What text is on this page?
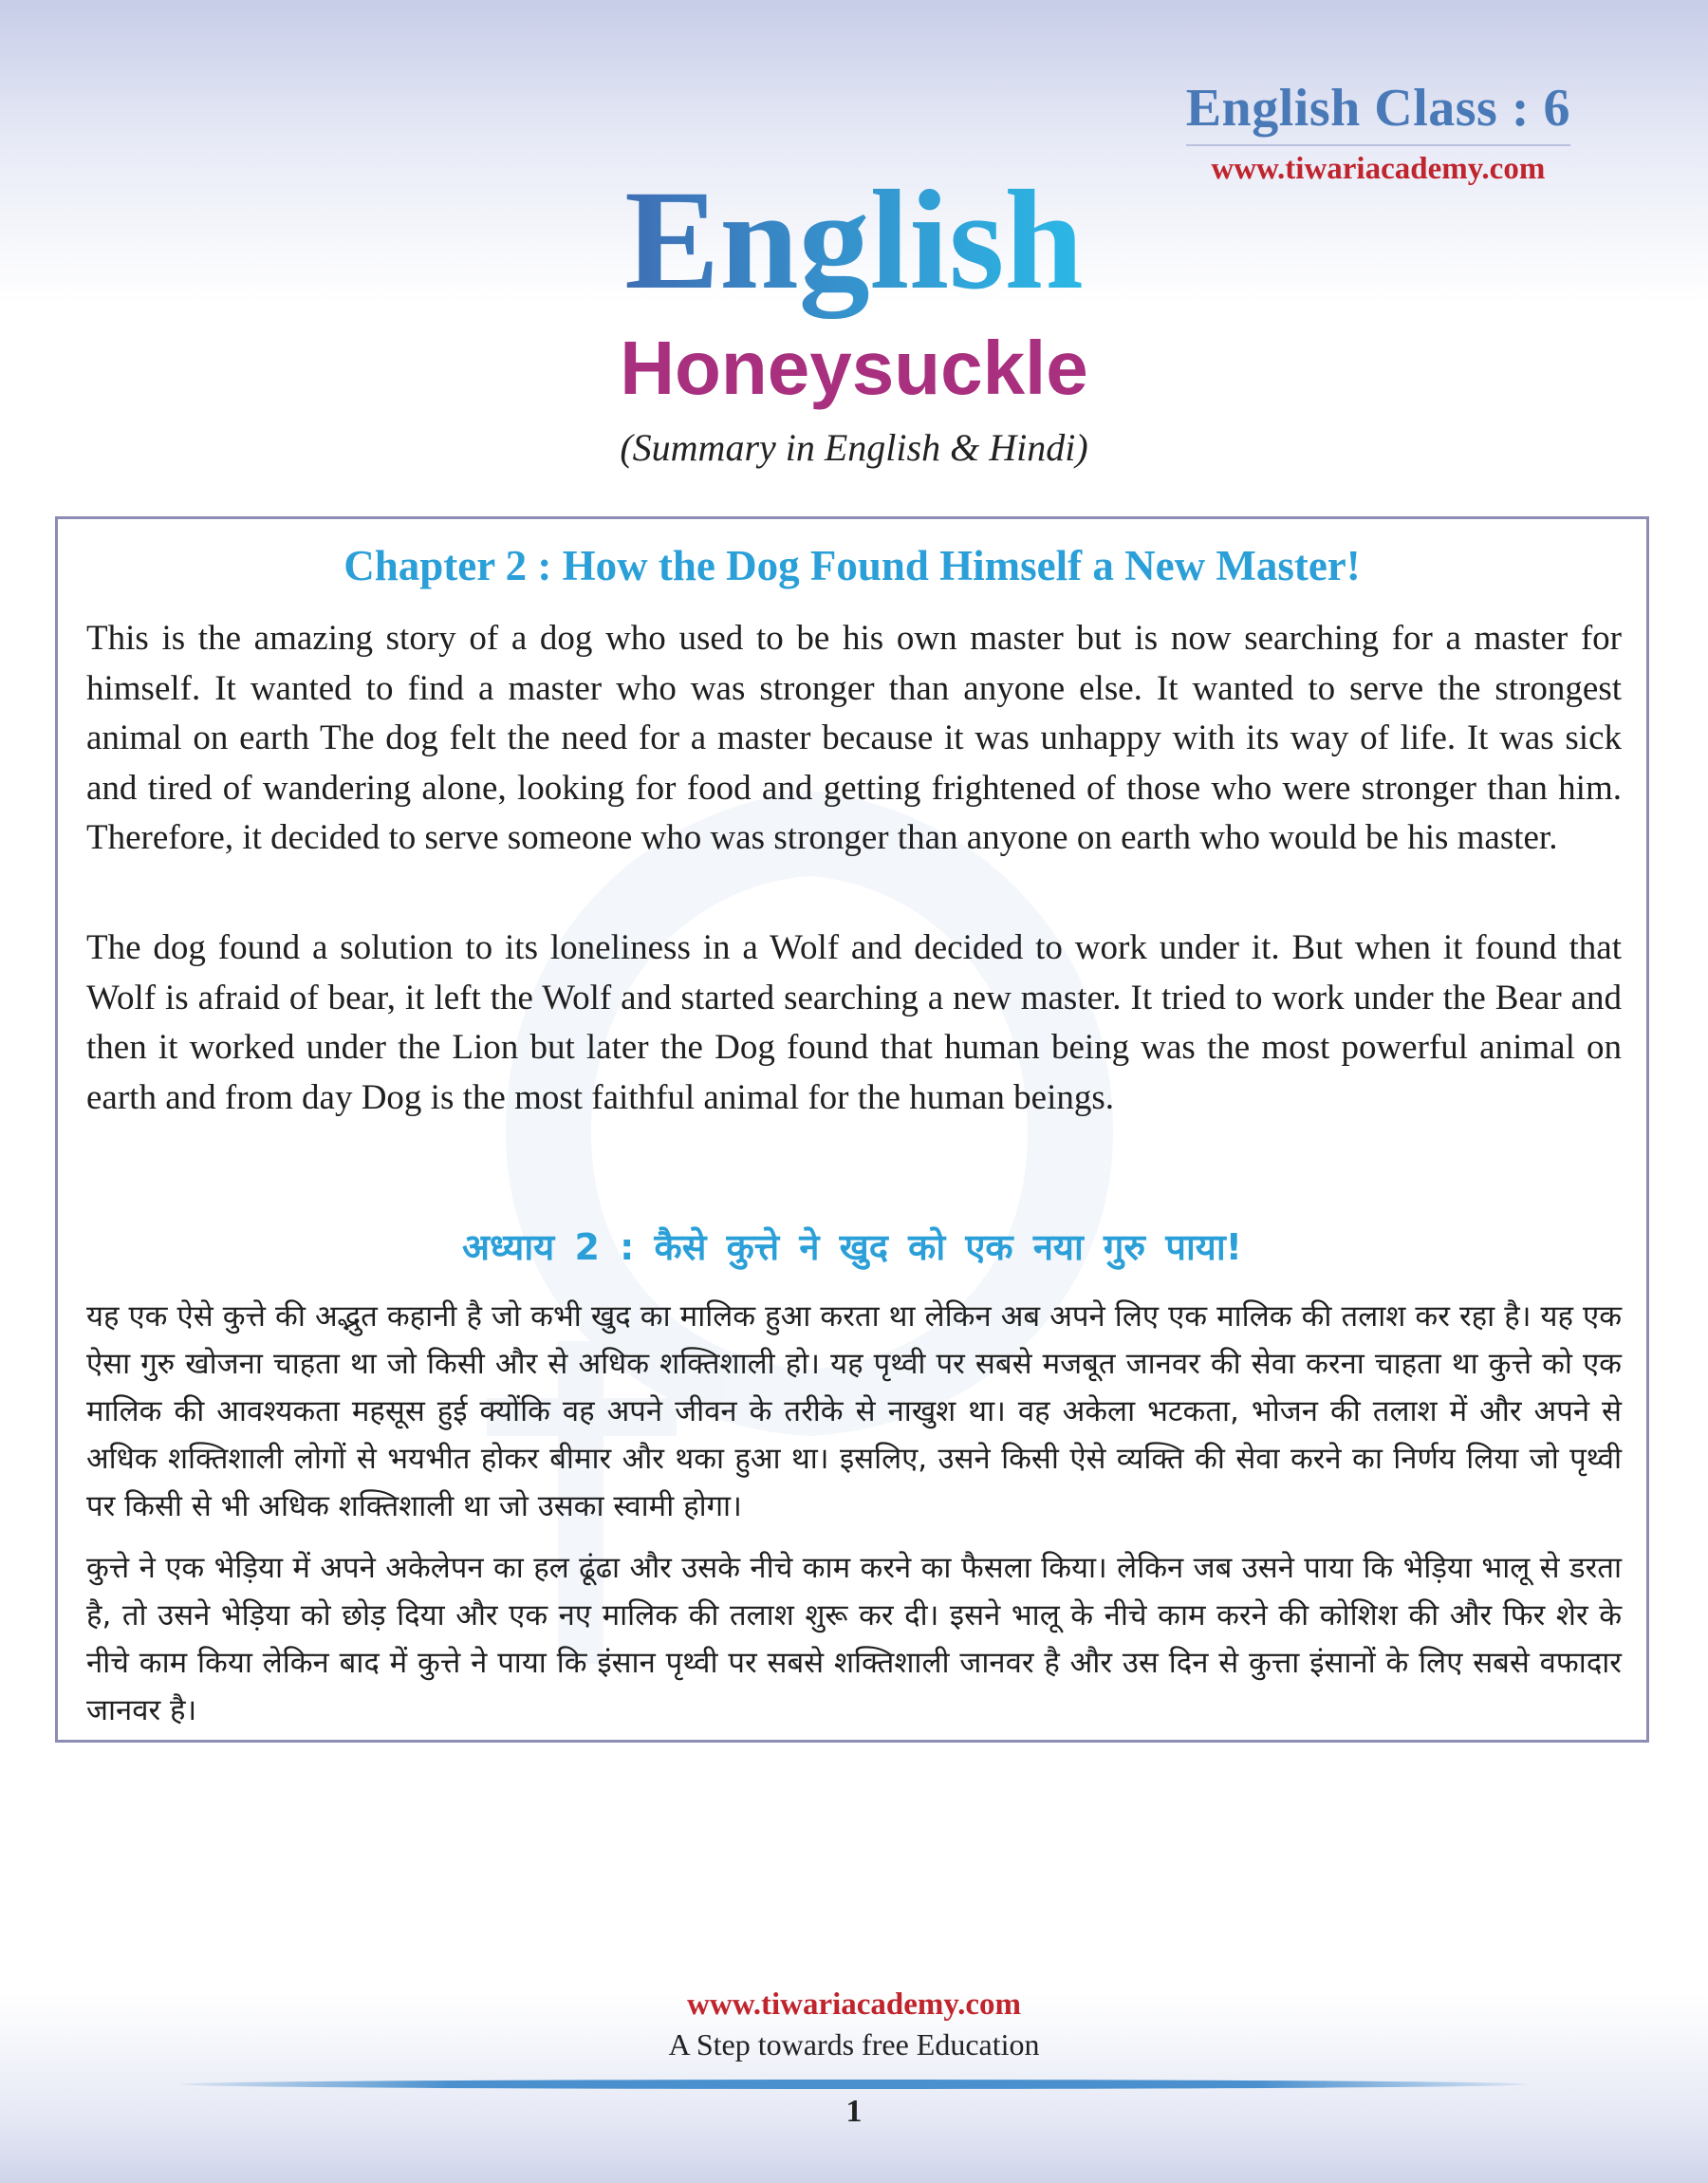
English Class : 6
www.tiwariacademy.com
English
Honeysuckle
(Summary in English & Hindi)
Chapter 2 : How the Dog Found Himself a New Master!

This is the amazing story of a dog who used to be his own master but is now searching for a master for himself. It wanted to find a master who was stronger than anyone else. It wanted to serve the strongest animal on earth The dog felt the need for a master because it was unhappy with its way of life. It was sick and tired of wandering alone, looking for food and getting frightened of those who were stronger than him. Therefore, it decided to serve someone who was stronger than anyone on earth who would be his master.

The dog found a solution to its loneliness in a Wolf and decided to work under it. But when it found that Wolf is afraid of bear, it left the Wolf and started searching a new master. It tried to work under the Bear and then it worked under the Lion but later the Dog found that human being was the most powerful animal on earth and from day Dog is the most faithful animal for the human beings.

अध्याय 2 : कैसे कुत्ते ने खुद को एक नया गुरु पाया!

यह एक ऐसे कुत्ते की अद्भुत कहानी है जो कभी खुद का मालिक हुआ करता था लेकिन अब अपने लिए एक मालिक की तलाश कर रहा है। यह एक ऐसा गुरु खोजना चाहता था जो किसी और से अधिक शक्तिशाली हो। यह पृथ्वी पर सबसे मजबूत जानवर की सेवा करना चाहता था कुत्ते को एक मालिक की आवश्यकता महसूस हुई क्योंकि वह अपने जीवन के तरीके से नाखुश था। वह अकेला भटकता, भोजन की तलाश में और अपने से अधिक शक्तिशाली लोगों से भयभीत होकर बीमार और थका हुआ था। इसलिए, उसने किसी ऐसे व्यक्ति की सेवा करने का निर्णय लिया जो पृथ्वी पर किसी से भी अधिक शक्तिशाली था जो उसका स्वामी होगा।

कुत्ते ने एक भेड़िया में अपने अकेलेपन का हल ढूंढा और उसके नीचे काम करने का फैसला किया। लेकिन जब उसने पाया कि भेड़िया भालू से डरता है, तो उसने भेड़िया को छोड़ दिया और एक नए मालिक की तलाश शुरू कर दी। इसने भालू के नीचे काम करने की कोशिश की और फिर शेर के नीचे काम किया लेकिन बाद में कुत्ते ने पाया कि इंसान पृथ्वी पर सबसे शक्तिशाली जानवर है और उस दिन से कुत्ता इंसानों के लिए सबसे वफादार जानवर है।

www.tiwariacademy.com
A Step towards free Education
1
